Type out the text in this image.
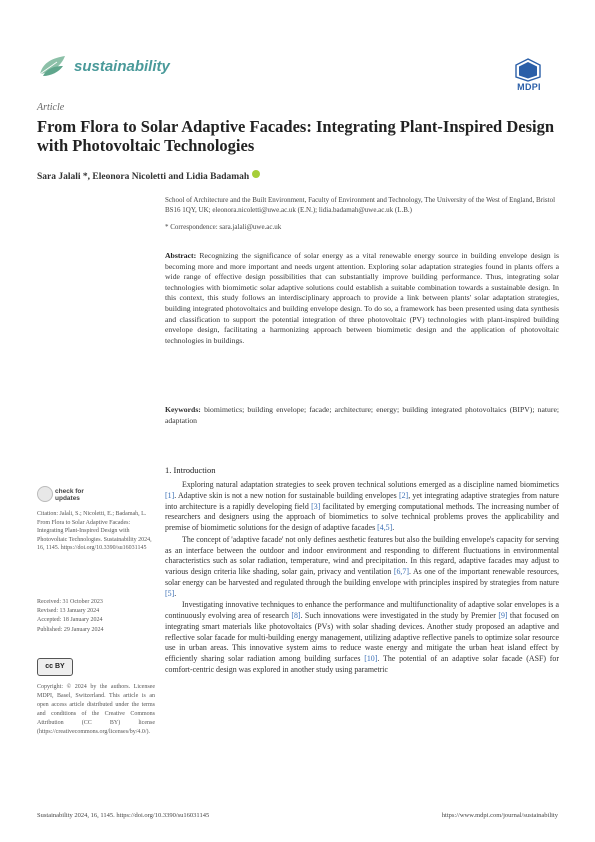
sustainability
MDPI
Article
From Flora to Solar Adaptive Facades: Integrating Plant-Inspired Design with Photovoltaic Technologies
Sara Jalali *, Eleonora Nicoletti and Lidia Badamah
School of Architecture and the Built Environment, Faculty of Environment and Technology, The University of the West of England, Bristol BS16 1QY, UK; eleonora.nicoletti@uwe.ac.uk (E.N.); lidia.badamah@uwe.ac.uk (L.B.)
* Correspondence: sara.jalali@uwe.ac.uk
Abstract: Recognizing the significance of solar energy as a vital renewable energy source in building envelope design is becoming more and more important and needs urgent attention. Exploring solar adaptation strategies found in plants offers a wide range of effective design possibilities that can substantially improve building performance. Thus, integrating solar technologies with biomimetic solar adaptive solutions could establish a suitable combination towards a sustainable design. In this context, this study follows an interdisciplinary approach to provide a link between plants' solar adaptation strategies, building integrated photovoltaics and building envelope design. To do so, a framework has been presented using data synthesis and classification to support the potential integration of three photovoltaic (PV) technologies with plant-inspired building envelope design, facilitating a harmonizing approach between biomimetic design and the application of photovoltaic technologies in buildings.
Keywords: biomimetics; building envelope; facade; architecture; energy; building integrated photovoltaics (BIPV); nature; adaptation
1. Introduction

Exploring natural adaptation strategies to seek proven technical solutions emerged as a discipline named biomimetics [1]. Adaptive skin is not a new notion for sustainable building envelopes [2], yet integrating adaptive strategies from nature into architecture is a rapidly developing field [3] facilitated by emerging computational methods. The increasing number of researchers and designers using the approach of biomimetics to solve technical problems proves the applicability and premise of biomimetic solutions for the design of adaptive facades [4,5].

The concept of 'adaptive facade' not only defines aesthetic features but also the building envelope's capacity for serving as an interface between the outdoor and indoor environment and responding to different fluctuations in environmental characteristics such as solar radiation, temperature, wind and precipitation. In this regard, adaptive facades may adjust to various design criteria like shading, solar gain, privacy and ventilation [6,7]. As one of the important renewable resources, solar energy can be harvested and regulated through the building envelope with principles inspired by strategies from nature [5].

Investigating innovative techniques to enhance the performance and multifunctionality of adaptive solar envelopes is a continuously evolving area of research [8]. Such innovations were investigated in the study by Premier [9] that focused on integrating smart materials like photovoltaics (PVs) with solar shading devices. Another study proposed an adaptive and reflective solar facade for multi-building energy management, utilizing adaptive reflective panels to optimize solar resource use in urban areas. This innovative system aims to reduce waste energy and mitigate the urban heat island effect by efficiently sharing solar radiation among building surfaces [10]. The potential of an adaptive solar facade (ASF) for comfort-centric design was explored in another study using parametric

check for updates
Citation: Jalali, S.; Nicoletti, E.; Badamah, L. From Flora to Solar Adaptive Facades: Integrating Plant-Inspired Design with Photovoltaic Technologies. Sustainability 2024, 16, 1145. https://doi.org/10.3390/su16031145
Received: 31 October 2023
Revised: 13 January 2024
Accepted: 18 January 2024
Published: 29 January 2024
cc BY
Copyright: © 2024 by the authors. Licensee MDPI, Basel, Switzerland. This article is an open access article distributed under the terms and conditions of the Creative Commons Attribution (CC BY) license (https://creativecommons.org/licenses/by/4.0/).
Sustainability 2024, 16, 1145. https://doi.org/10.3390/su16031145	https://www.mdpi.com/journal/sustainability
